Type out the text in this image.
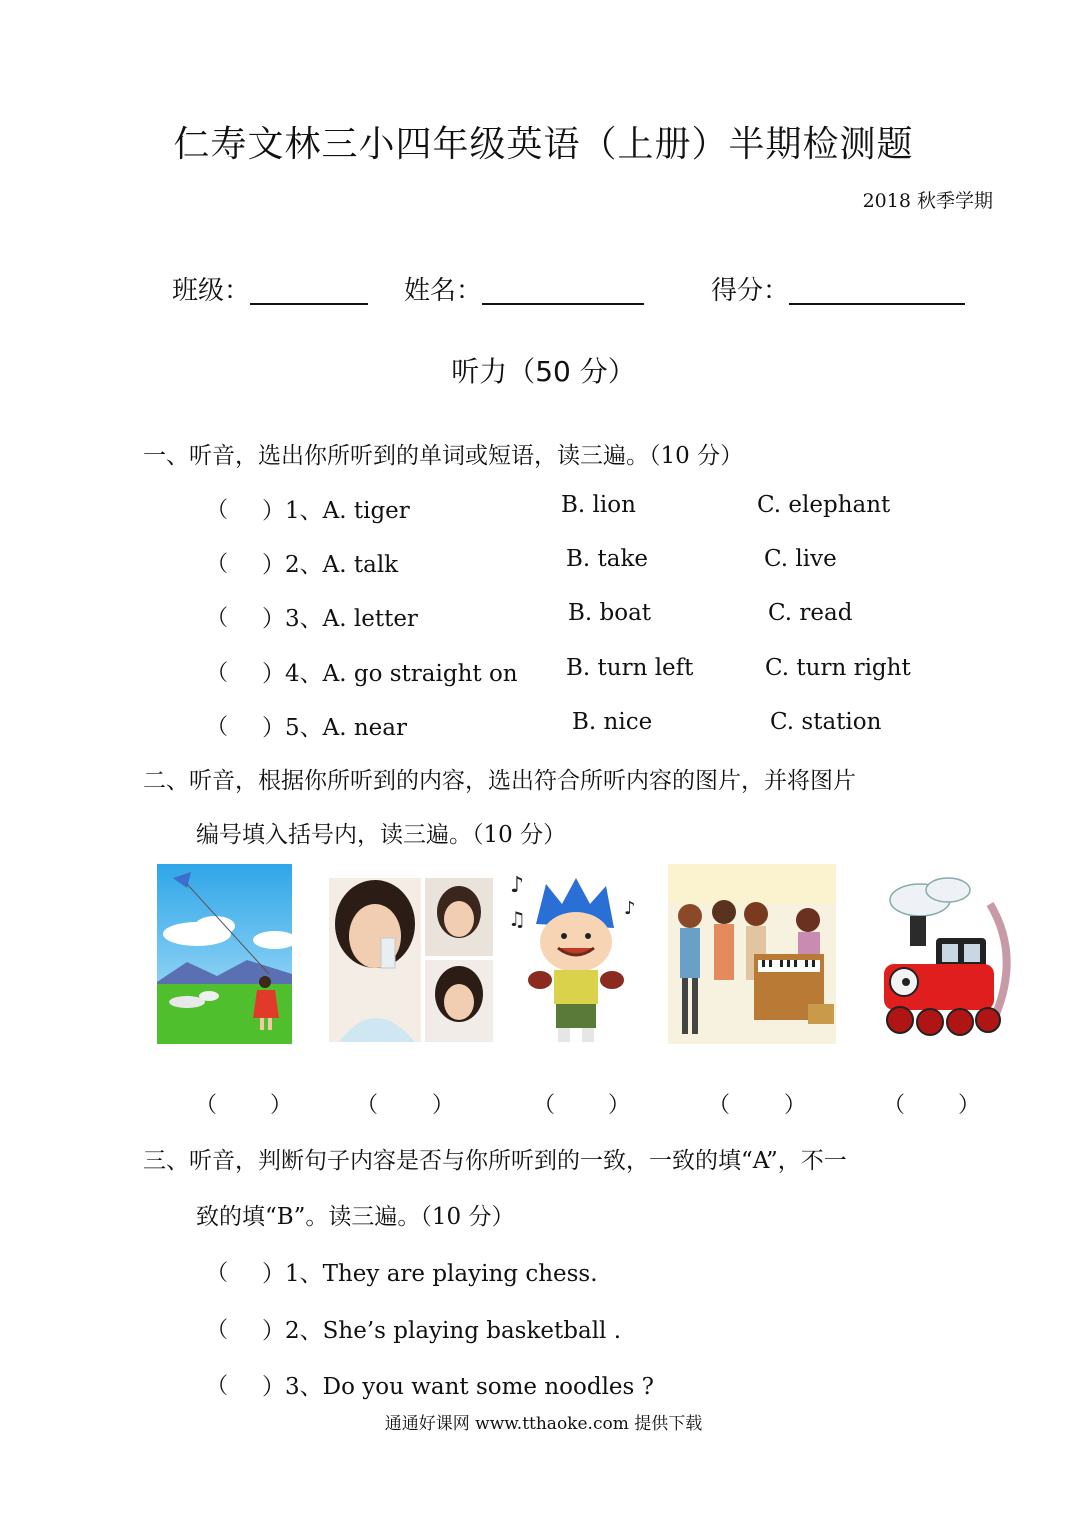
仁寿文林三小四年级英语（上册）半期检测题
2018 秋季学期
班级：	姓名：	得分：
听力（50 分）
一、听音，选出你所听到的单词或短语，读三遍。（10 分）
（ ）1、A. tiger	B. lion	C. elephant
（ ）2、A. talk	B. take	C. live
（ ）3、A. letter	B. boat	C. read
（ ）4、A. go straight on B. turn left	C. turn right
（ ）5、A. near	B. nice	C. station
二、听音，根据你所听到的内容，选出符合所听内容的图片，并将图片
编号填入括号内，读三遍。（10 分）
♪
♫	♪
（ ）	（ ）	（ ）	（ ）	（ ）
三、听音，判断句子内容是否与你所听到的一致，一致的填“A”，不一
致的填“B”。读三遍。（10 分）
（ ）1、They are playing chess.
（ ）2、She’s playing basketball .
（ ）3、Do you want some noodles ?
通通好课网 www.tthaoke.com 提供下载
